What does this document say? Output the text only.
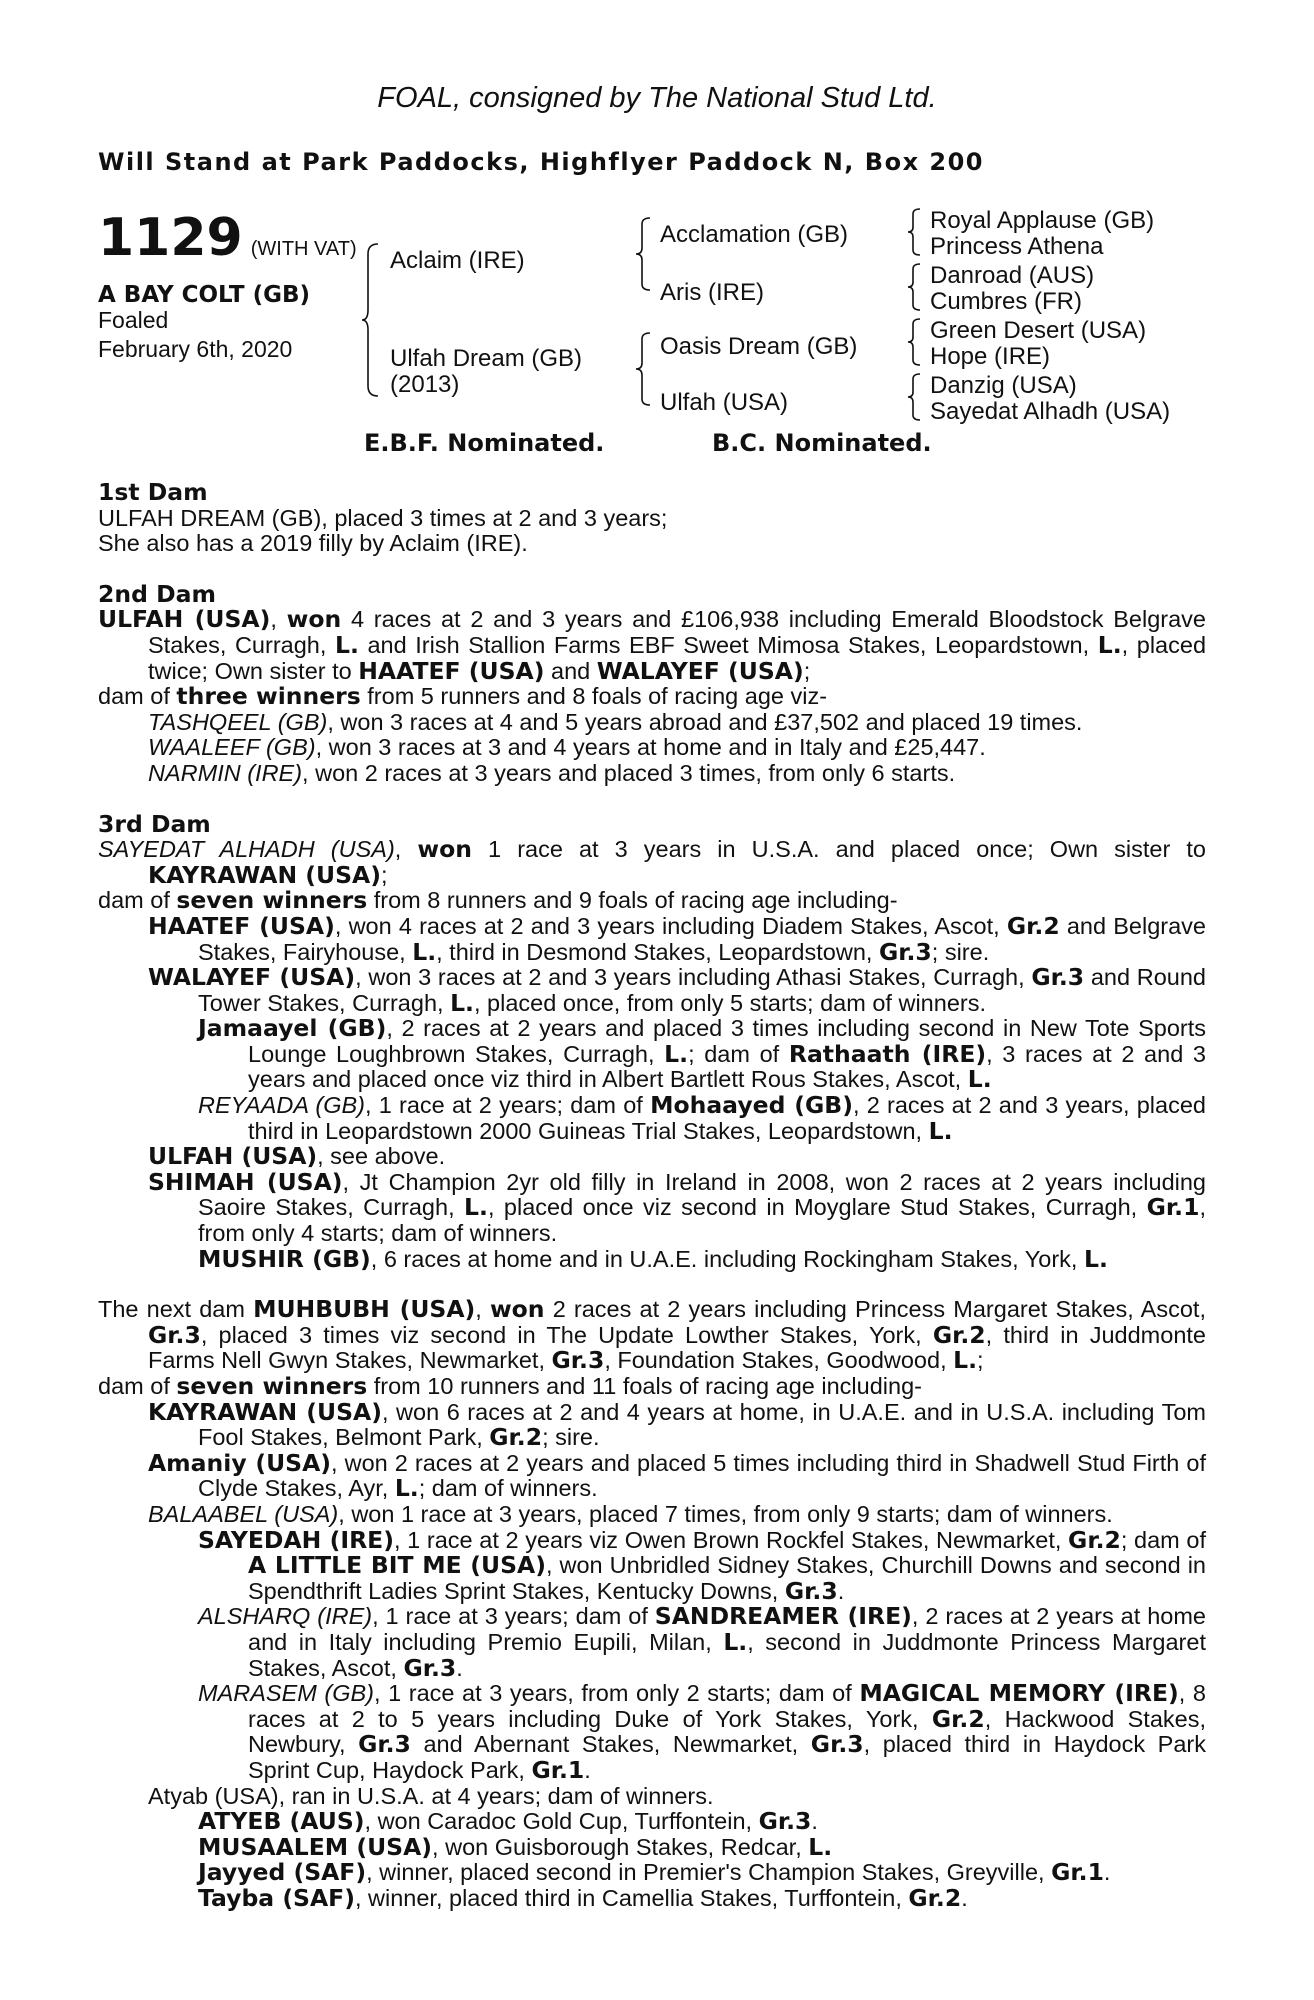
FOAL, consigned by The National Stud Ltd.
Will Stand at Park Paddocks, Highflyer Paddock N, Box 200
1129 (WITH VAT)
A BAY COLT (GB)
Foaled
February 6th, 2020
Aclaim (IRE)
Ulfah Dream (GB)
(2013)
Acclamation (GB)
Aris (IRE)
Oasis Dream (GB)
Ulfah (USA)
Royal Applause (GB)
Princess Athena
Danroad (AUS)
Cumbres (FR)
Green Desert (USA)
Hope (IRE)
Danzig (USA)
Sayedat Alhadh (USA)
E.B.F. Nominated.	B.C. Nominated.
1st Dam
ULFAH DREAM (GB), placed 3 times at 2 and 3 years;
She also has a 2019 filly by Aclaim (IRE).
2nd Dam
ULFAH (USA), won 4 races at 2 and 3 years and £106,938 including Emerald Bloodstock Belgrave Stakes, Curragh, L. and Irish Stallion Farms EBF Sweet Mimosa Stakes, Leopardstown, L., placed twice; Own sister to HAATEF (USA) and WALAYEF (USA);
dam of three winners from 5 runners and 8 foals of racing age viz-
TASHQEEL (GB), won 3 races at 4 and 5 years abroad and £37,502 and placed 19 times.
WAALEEF (GB), won 3 races at 3 and 4 years at home and in Italy and £25,447.
NARMIN (IRE), won 2 races at 3 years and placed 3 times, from only 6 starts.
3rd Dam
SAYEDAT ALHADH (USA), won 1 race at 3 years in U.S.A. and placed once; Own sister to KAYRAWAN (USA);
dam of seven winners from 8 runners and 9 foals of racing age including-
HAATEF (USA), won 4 races at 2 and 3 years including Diadem Stakes, Ascot, Gr.2 and Belgrave Stakes, Fairyhouse, L., third in Desmond Stakes, Leopardstown, Gr.3; sire.
WALAYEF (USA), won 3 races at 2 and 3 years including Athasi Stakes, Curragh, Gr.3 and Round Tower Stakes, Curragh, L., placed once, from only 5 starts; dam of winners.
Jamaayel (GB), 2 races at 2 years and placed 3 times including second in New Tote Sports Lounge Loughbrown Stakes, Curragh, L.; dam of Rathaath (IRE), 3 races at 2 and 3 years and placed once viz third in Albert Bartlett Rous Stakes, Ascot, L.
REYAADA (GB), 1 race at 2 years; dam of Mohaayed (GB), 2 races at 2 and 3 years, placed third in Leopardstown 2000 Guineas Trial Stakes, Leopardstown, L.
ULFAH (USA), see above.
SHIMAH (USA), Jt Champion 2yr old filly in Ireland in 2008, won 2 races at 2 years including Saoire Stakes, Curragh, L., placed once viz second in Moyglare Stud Stakes, Curragh, Gr.1, from only 4 starts; dam of winners.
MUSHIR (GB), 6 races at home and in U.A.E. including Rockingham Stakes, York, L.
The next dam MUHBUBH (USA), won 2 races at 2 years including Princess Margaret Stakes, Ascot, Gr.3, placed 3 times viz second in The Update Lowther Stakes, York, Gr.2, third in Juddmonte Farms Nell Gwyn Stakes, Newmarket, Gr.3, Foundation Stakes, Goodwood, L.;
dam of seven winners from 10 runners and 11 foals of racing age including-
KAYRAWAN (USA), won 6 races at 2 and 4 years at home, in U.A.E. and in U.S.A. including Tom Fool Stakes, Belmont Park, Gr.2; sire.
Amaniy (USA), won 2 races at 2 years and placed 5 times including third in Shadwell Stud Firth of Clyde Stakes, Ayr, L.; dam of winners.
BALAABEL (USA), won 1 race at 3 years, placed 7 times, from only 9 starts; dam of winners.
SAYEDAH (IRE), 1 race at 2 years viz Owen Brown Rockfel Stakes, Newmarket, Gr.2; dam of A LITTLE BIT ME (USA), won Unbridled Sidney Stakes, Churchill Downs and second in Spendthrift Ladies Sprint Stakes, Kentucky Downs, Gr.3.
ALSHARQ (IRE), 1 race at 3 years; dam of SANDREAMER (IRE), 2 races at 2 years at home and in Italy including Premio Eupili, Milan, L., second in Juddmonte Princess Margaret Stakes, Ascot, Gr.3.
MARASEM (GB), 1 race at 3 years, from only 2 starts; dam of MAGICAL MEMORY (IRE), 8 races at 2 to 5 years including Duke of York Stakes, York, Gr.2, Hackwood Stakes, Newbury, Gr.3 and Abernant Stakes, Newmarket, Gr.3, placed third in Haydock Park Sprint Cup, Haydock Park, Gr.1.
Atyab (USA), ran in U.S.A. at 4 years; dam of winners.
ATYEB (AUS), won Caradoc Gold Cup, Turffontein, Gr.3.
MUSAALEM (USA), won Guisborough Stakes, Redcar, L.
Jayyed (SAF), winner, placed second in Premier's Champion Stakes, Greyville, Gr.1.
Tayba (SAF), winner, placed third in Camellia Stakes, Turffontein, Gr.2.
